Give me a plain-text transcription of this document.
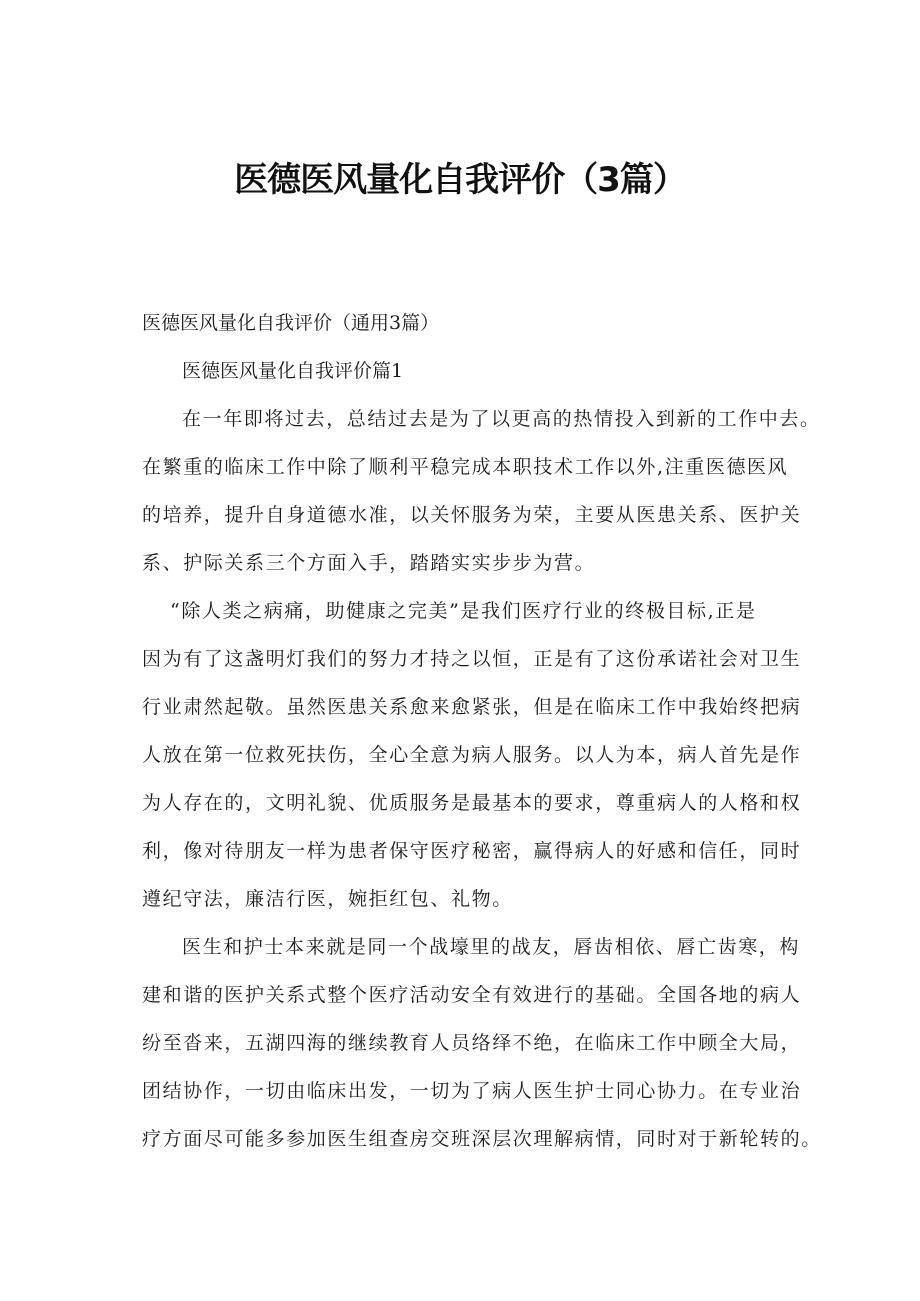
医德医风量化自我评价（3篇）

医德医风量化自我评价（通用3篇）

医德医风量化自我评价篇1

在一年即将过去，总结过去是为了以更高的热情投入到新的工作中去。

在繁重的临床工作中除了顺利平稳完成本职技术工作以外,注重医德医风

的培养，提升自身道德水准，以关怀服务为荣，主要从医患关系、医护关

系、护际关系三个方面入手，踏踏实实步步为营。

“除人类之病痛，助健康之完美”是我们医疗行业的终极目标,正是

因为有了这盏明灯我们的努力才持之以恒，正是有了这份承诺社会对卫生

行业肃然起敬。虽然医患关系愈来愈紧张，但是在临床工作中我始终把病

人放在第一位救死扶伤，全心全意为病人服务。以人为本，病人首先是作

为人存在的，文明礼貌、优质服务是最基本的要求，尊重病人的人格和权

利，像对待朋友一样为患者保守医疗秘密，赢得病人的好感和信任，同时

遵纪守法，廉洁行医，婉拒红包、礼物。

医生和护士本来就是同一个战壕里的战友，唇齿相依、唇亡齿寒，构

建和谐的医护关系式整个医疗活动安全有效进行的基础。全国各地的病人

纷至沓来，五湖四海的继续教育人员络绎不绝，在临床工作中顾全大局，

团结协作，一切由临床出发，一切为了病人医生护士同心协力。在专业治

疗方面尽可能多参加医生组查房交班深层次理解病情，同时对于新轮转的。
